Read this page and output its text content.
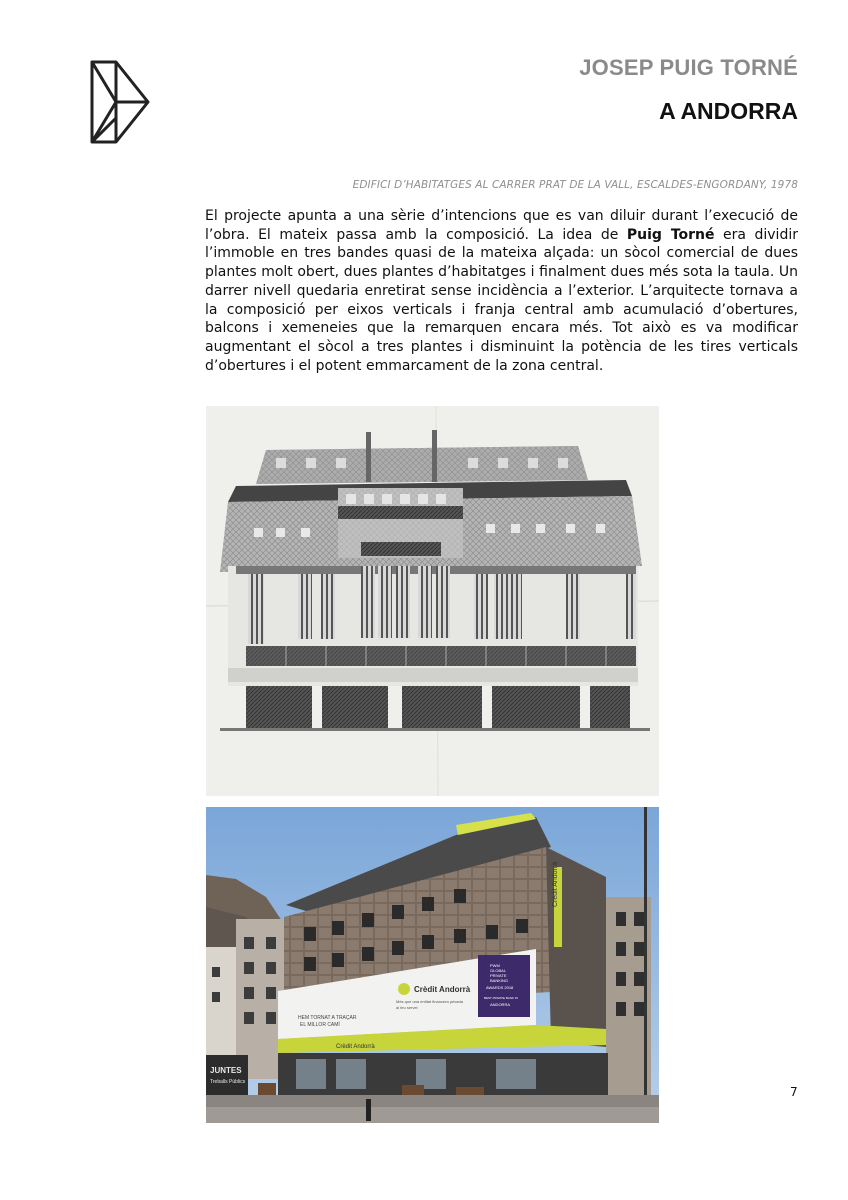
JOSEP PUIG TORNÉ
A ANDORRA
EDIFICI D’HABITATGES AL CARRER PRAT DE LA VALL, ESCALDES-ENGORDANY, 1978

El projecte apunta a una sèrie d’intencions que es van diluir durant l’execució de l’obra. El mateix passa amb la composició. La idea de Puig Torné era dividir l’immoble en tres bandes quasi de la mateixa alçada: un sòcol comercial de dues plantes molt obert, dues plantes d’habitatges i finalment dues més sota la taula. Un darrer nivell quedaria enretirat sense incidència a l’exterior. L’arquitecte tornava a la composició per eixos verticals i franja central amb acumulació d’obertures, balcons i xemeneies que la remarquen encara més. Tot això es va modificar augmentant el sòcol a tres plantes i disminuint la potència de les tires verticals d’obertures i el potent emmarcament de la zona central.

Crèdit Andorrà
Crèdit Andorrà
HEM TORNAT A TRAÇAR
EL MILLOR CAMÍ
Més que una entitat financera privada
al teu servei
PWM
GLOBAL
PRIVATE
BANKING
AWARDS 2018
BEST PRIVATE BANK IN
ANDORRA
Crèdit Andorrà
JUNTES
Treballs Públics
7
